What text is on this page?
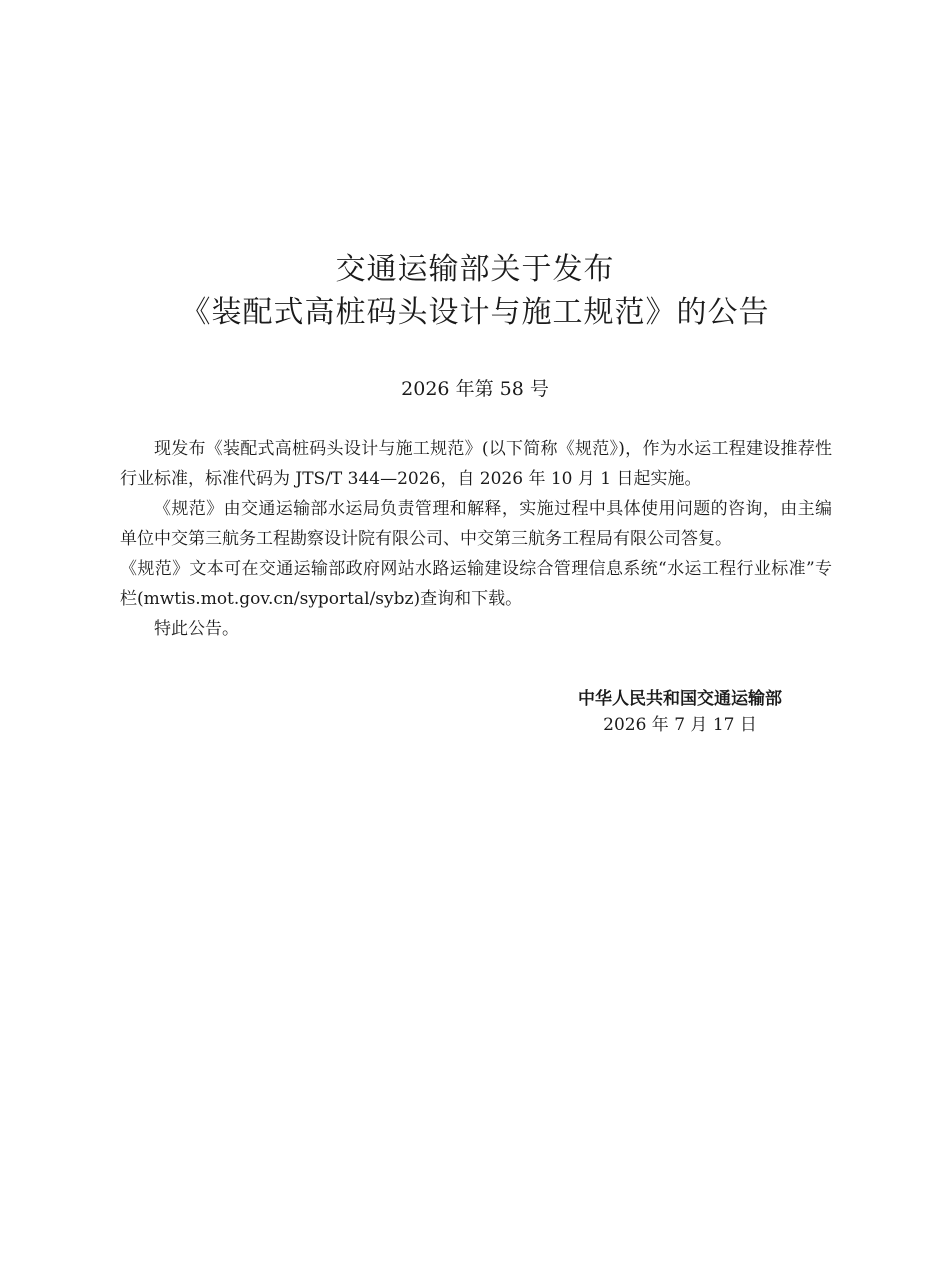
交通运输部关于发布
《装配式高桩码头设计与施工规范》的公告
2026 年第 58 号

现发布《装配式高桩码头设计与施工规范》(以下简称《规范》)，作为水运工程建设推荐性行业标准，标准代码为 JTS/T 344—2026，自 2026 年 10 月 1 日起实施。

《规范》由交通运输部水运局负责管理和解释，实施过程中具体使用问题的咨询，由主编单位中交第三航务工程勘察设计院有限公司、中交第三航务工程局有限公司答复。

《规范》文本可在交通运输部政府网站水路运输建设综合管理信息系统“水运工程行业标准”专栏(mwtis.mot.gov.cn/syportal/sybz)查询和下载。

特此公告。

中华人民共和国交通运输部
2026 年 7 月 17 日
